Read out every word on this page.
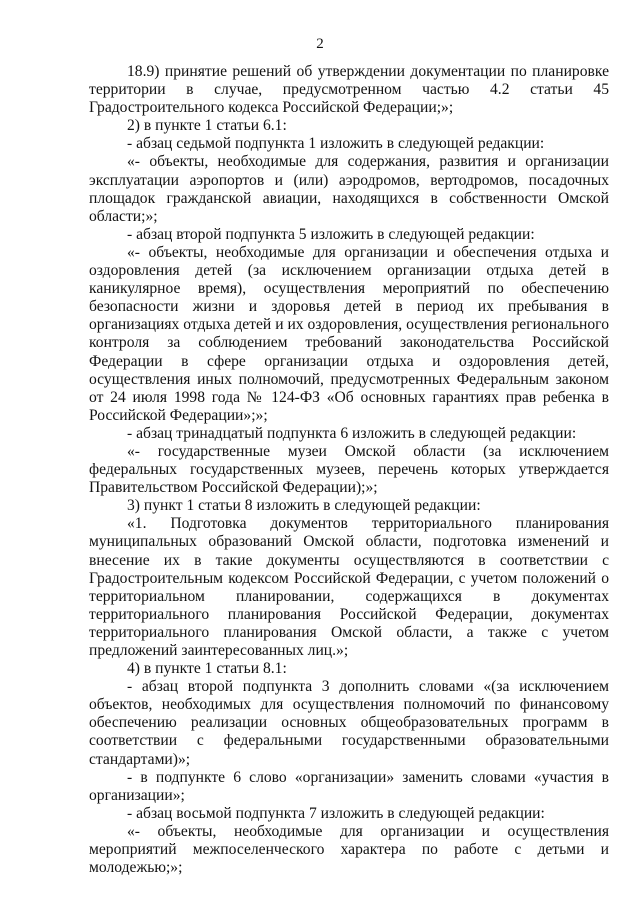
2

18.9) принятие решений об утверждении документации по планировке территории в случае, предусмотренном частью 4.2 статьи 45 Градостроительного кодекса Российской Федерации;»;

2) в пункте 1 статьи 6.1:

- абзац седьмой подпункта 1 изложить в следующей редакции:

«- объекты, необходимые для содержания, развития и организации эксплуатации аэропортов и (или) аэродромов, вертодромов, посадочных площадок гражданской авиации, находящихся в собственности Омской области;»;

- абзац второй подпункта 5 изложить в следующей редакции:

«- объекты, необходимые для организации и обеспечения отдыха и оздоровления детей (за исключением организации отдыха детей в каникулярное время), осуществления мероприятий по обеспечению безопасности жизни и здоровья детей в период их пребывания в организациях отдыха детей и их оздоровления, осуществления регионального контроля за соблюдением требований законодательства Российской Федерации в сфере организации отдыха и оздоровления детей, осуществления иных полномочий, предусмотренных Федеральным законом от 24 июля 1998 года № 124-ФЗ «Об основных гарантиях прав ребенка в Российской Федерации»;»;

- абзац тринадцатый подпункта 6 изложить в следующей редакции:

«- государственные музеи Омской области (за исключением федеральных государственных музеев, перечень которых утверждается Правительством Российской Федерации);»;

3) пункт 1 статьи 8 изложить в следующей редакции:

«1. Подготовка документов территориального планирования муниципальных образований Омской области, подготовка изменений и внесение их в такие документы осуществляются в соответствии с Градостроительным кодексом Российской Федерации, с учетом положений о территориальном планировании, содержащихся в документах территориального планирования Российской Федерации, документах территориального планирования Омской области, а также с учетом предложений заинтересованных лиц.»;

4) в пункте 1 статьи 8.1:

- абзац второй подпункта 3 дополнить словами «(за исключением объектов, необходимых для осуществления полномочий по финансовому обеспечению реализации основных общеобразовательных программ в соответствии с федеральными государственными образовательными стандартами)»;

- в подпункте 6 слово «организации» заменить словами «участия в организации»;

- абзац восьмой подпункта 7 изложить в следующей редакции:

«- объекты, необходимые для организации и осуществления мероприятий межпоселенческого характера по работе с детьми и молодежью;»;
